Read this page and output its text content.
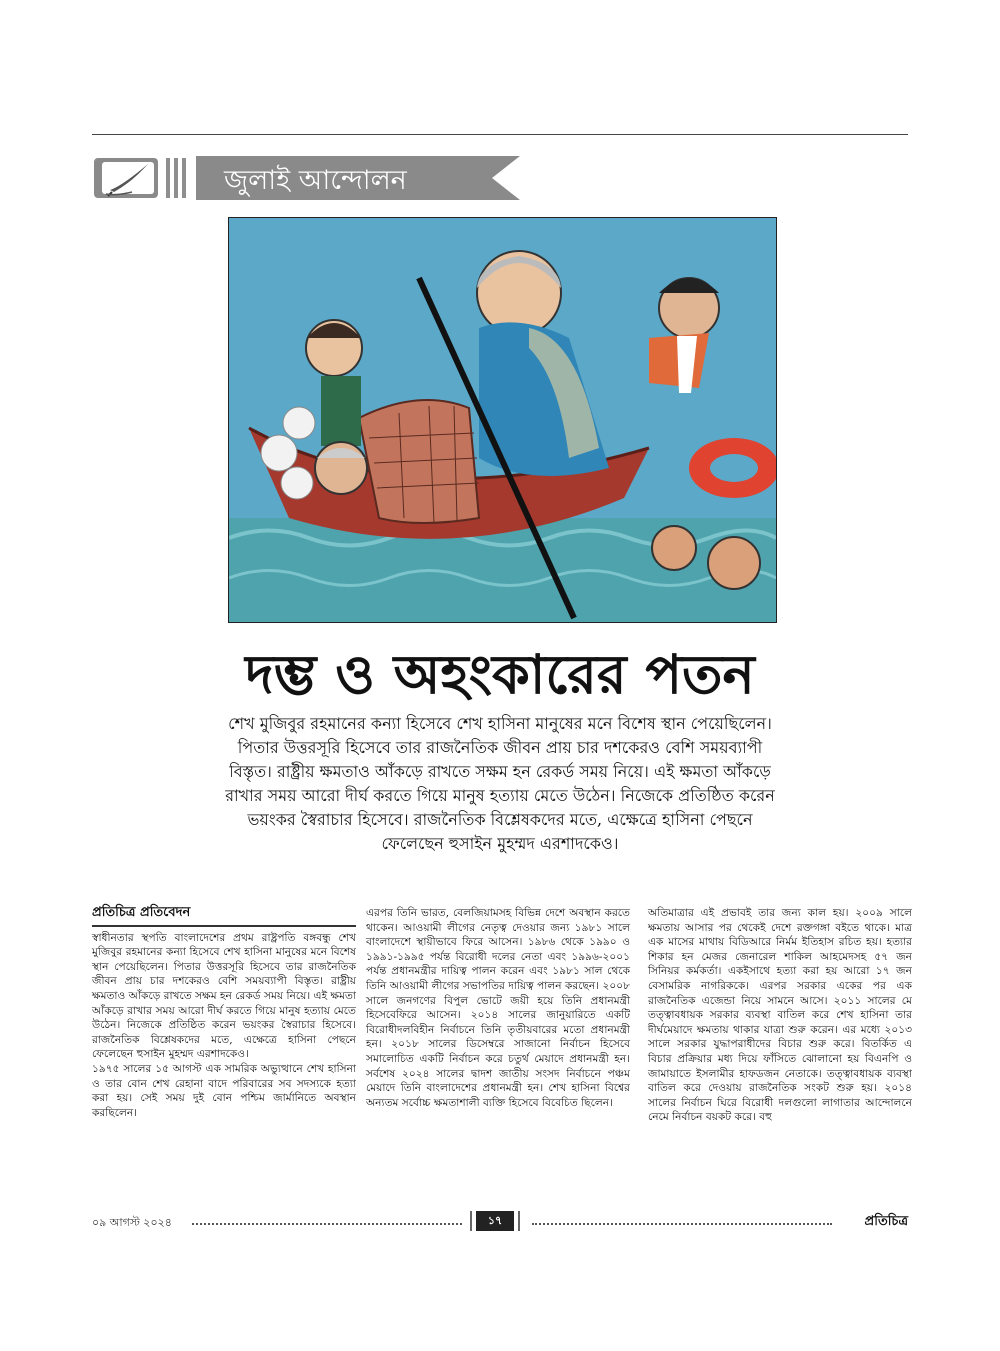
জুলাই আন্দোলন
দম্ভ ও অহংকারের পতন
শেখ মুজিবুর রহমানের কন্যা হিসেবে শেখ হাসিনা মানুষের মনে বিশেষ স্থান পেয়েছিলেন। পিতার উত্তরসূরি হিসেবে তার রাজনৈতিক জীবন প্রায় চার দশকেরও বেশি সময়ব্যাপী বিস্তৃত। রাষ্ট্রীয় ক্ষমতাও আঁকড়ে রাখতে সক্ষম হন রেকর্ড সময় নিয়ে। এই ক্ষমতা আঁকড়ে রাখার সময় আরো দীর্ঘ করতে গিয়ে মানুষ হত্যায় মেতে উঠেন। নিজেকে প্রতিষ্ঠিত করেন ভয়ংকর স্বৈরাচার হিসেবে। রাজনৈতিক বিশ্লেষকদের মতে, এক্ষেত্রে হাসিনা পেছনে ফেলেছেন হুসাইন মুহম্মদ এরশাদকেও।

প্রতিচিত্র প্রতিবেদন

স্বাধীনতার স্থপতি বাংলাদেশের প্রথম রাষ্ট্রপতি বঙ্গবন্ধু শেখ মুজিবুর রহমানের কন্যা হিসেবে শেখ হাসিনা মানুষের মনে বিশেষ স্থান পেয়েছিলেন। পিতার উত্তরসূরি হিসেবে তার রাজনৈতিক জীবন প্রায় চার দশকেরও বেশি সময়ব্যাপী বিস্তৃত। রাষ্ট্রীয় ক্ষমতাও আঁকড়ে রাখতে সক্ষম হন রেকর্ড সময় নিয়ে। এই ক্ষমতা আঁকড়ে রাখার সময় আরো দীর্ঘ করতে গিয়ে মানুষ হত্যায় মেতে উঠেন। নিজেকে প্রতিষ্ঠিত করেন ভয়ংকর স্বৈরাচার হিসেবে। রাজনৈতিক বিশ্লেষকদের মতে, এক্ষেত্রে হাসিনা পেছনে ফেলেছেন হুসাইন মুহম্মদ এরশাদকেও।

১৯৭৫ সালের ১৫ আগস্ট এক সামরিক অভ্যুত্থানে শেখ হাসিনা ও তার বোন শেখ রেহানা বাদে পরিবারের সব সদস্যকে হত্যা করা হয়। সেই সময় দুই বোন পশ্চিম জার্মানিতে অবস্থান করছিলেন।

এরপর তিনি ভারত, বেলজিয়ামসহ বিভিন্ন দেশে অবস্থান করতে থাকেন। আওয়ামী লীগের নেতৃত্ব দেওয়ার জন্য ১৯৮১ সালে বাংলাদেশে স্থায়ীভাবে ফিরে আসেন। ১৯৮৬ থেকে ১৯৯০ ও ১৯৯১-১৯৯৫ পর্যন্ত বিরোধী দলের নেতা এবং ১৯৯৬-২০০১ পর্যন্ত প্রধানমন্ত্রীর দায়িত্ব পালন করেন এবং ১৯৮১ সাল থেকে তিনি আওয়ামী লীগের সভাপতির দায়িত্ব পালন করছেন। ২০০৮ সালে জনগণের বিপুল ভোটে জয়ী হয়ে তিনি প্রধানমন্ত্রী হিসেবেফিরে আসেন। ২০১৪ সালের জানুয়ারিতে একটি বিরোধীদলবিহীন নির্বাচনে তিনি তৃতীয়বারের মতো প্রধানমন্ত্রী হন। ২০১৮ সালের ডিসেম্বরে সাজানো নির্বাচন হিসেবে সমালোচিত একটি নির্বাচন করে চতুর্থ মেয়াদে প্রধানমন্ত্রী হন। সর্বশেষ ২০২৪ সালের দ্বাদশ জাতীয় সংসদ নির্বাচনে পঞ্চম মেয়াদে তিনি বাংলাদেশের প্রধানমন্ত্রী হন। শেখ হাসিনা বিশ্বের অন্যতম সর্বোচ্চ ক্ষমতাশালী ব্যক্তি হিসেবে বিবেচিত ছিলেন।

অতিমাত্রার এই প্রভাবই তার জন্য কাল হয়। ২০০৯ সালে ক্ষমতায় আসার পর থেকেই দেশে রক্তগঙ্গা বইতে থাকে। মাত্র এক মাসের মাথায় বিডিআরে নির্মম ইতিহাস রচিত হয়। হত্যার শিকার হন মেজর জেনারেল শাকিল আহমেদসহ ৫৭ জন সিনিয়র কর্মকর্তা। একইসাথে হত্যা করা হয় আরো ১৭ জন বেসামরিক নাগরিককে। এরপর সরকার একের পর এক রাজনৈতিক এজেন্ডা নিয়ে সামনে আসে। ২০১১ সালের মে তত্ত্বাবধায়ক সরকার ব্যবস্থা বাতিল করে শেখ হাসিনা তার দীর্ঘমেয়াদে ক্ষমতায় থাকার যাত্রা শুরু করেন। এর মধ্যে ২০১৩ সালে সরকার যুদ্ধাপরাধীদের বিচার শুরু করে। বিতর্কিত এ বিচার প্রক্রিয়ার মধ্য দিয়ে ফাঁসিতে ঝোলানো হয় বিএনপি ও জামায়াতে ইসলামীর হাফডজন নেতাকে। তত্ত্বাবধায়ক ব্যবস্থা বাতিল করে দেওয়ায় রাজনৈতিক সংকট শুরু হয়। ২০১৪ সালের নির্বাচন ঘিরে বিরোধী দলগুলো লাগাতার আন্দোলনে নেমে নির্বাচন বয়কট করে। বহু

০৯ আগস্ট ২০২৪	১৭	প্রতিচিত্র
